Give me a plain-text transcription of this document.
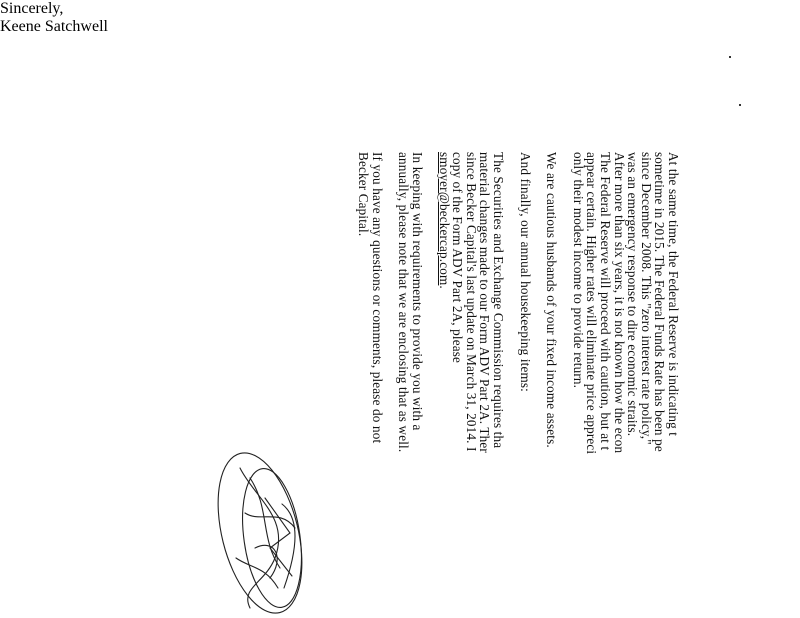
At the same time, the Federal Reserve is indicating t
sometime in 2015. The Federal Funds Rate has been pe
since December 2008. This "zero interest rate policy,"
was an emergency response to dire economic straits.
After more than six years, it is not known how the econ
The Federal Reserve will proceed with caution, but at t
appear certain. Higher rates will eliminate price appreci
only their modest income to provide return.
We are cautious husbands of your fixed income assets.
And finally, our annual housekeeping items:
The Securities and Exchange Commission requires tha
material changes made to our Form ADV Part 2A. Ther
since Becker Capital's last update on March 31, 2014. I
copy of the Form ADV Part 2A, please
smoyer@beckercap.com.
In keeping with requirements to provide you with a
annually, please note that we are enclosing that as well.
If you have any questions or comments, please do not
Becker Capital.
Sincerely,
Keene Satchwell
